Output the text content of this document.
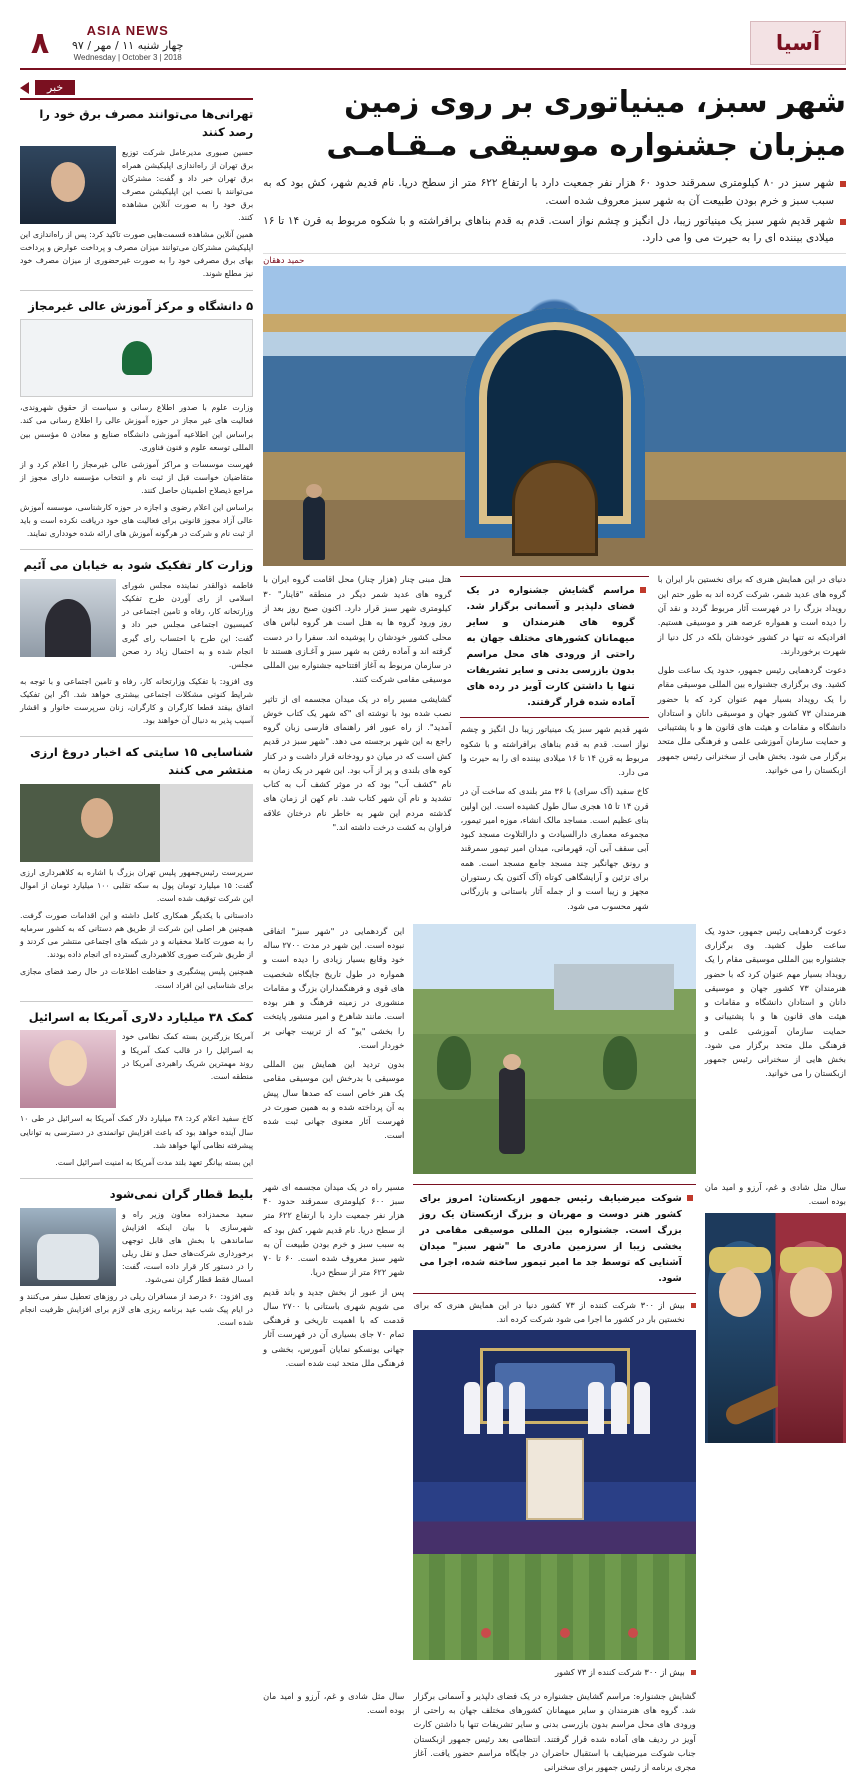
آسیا
ASIA NEWS
چهار شنبه ۱۱ / مهر / ۹۷
Wednesday | October 3 | 2018
۸
شهر سبز، مینیاتوری بر روی زمین
میزبان جشنواره موسیقی مـقـامـی
شهر سبز در ۸۰ کیلومتری سمرقند حدود ۶۰ هزار نفر جمعیت دارد با ارتفاع ۶۲۲ متر از سطح دریا. نام قدیم شهر، کش بود که به سبب سبز و خرم بودن طبیعت آن به شهر سبز معروف شده است.
شهر قدیم شهر سبز یک مینیاتور زیبا، دل انگیز و چشم نواز است. قدم به قدم بناهای برافراشته و با شکوه مربوط به قرن ۱۴ تا ۱۶ میلادی بیننده ای را به حیرت می وا می دارد.
حمید دهقان

دنیای در این همایش هنری که برای نخستین بار ایران با گروه های عدید شمر، شرکت کرده اند به طور حتم این رویداد بزرگ را در فهرست آثار مربوط گردد و نقد آن را دیده است و همواره عرصه هنر و موسیقی هستیم. افرادیکه نه تنها در کشور خودشان بلکه در کل دنیا از شهرت برخوردارند.

دعوت گردهمایی رئیس جمهور، حدود یک ساعت طول کشید. وی برگزاری جشنواره بین المللی موسیقی مقام را یک رویداد بسیار مهم عنوان کرد که با حضور هنرمندان ۷۳ کشور جهان و موسیقی دانان و استادان دانشگاه و مقامات و هیئت های قانون ها و با پشتیبانی و حمایت سازمان آموزشی علمی و فرهنگی ملل متحد برگزار می شود. بخش هایی از سخنرانی رئیس جمهور ازبکستان را می خوانید.

مراسم گشایش جشنواره در یک فضای دلپذیر و آسمانی برگزار شد. گروه های هنرمندان و سایر میهمانان کشورهای مختلف جهان به راحتی از ورودی های محل مراسم بدون بازرسی بدنی و سایر تشریفات تنها با داشتن کارت آویز در رده های آماده شده قرار گرفتند.

شهر قدیم شهر سبز یک مینیاتور زیبا دل انگیز و چشم نواز است. قدم به قدم بناهای برافراشته و با شکوه مربوط به قرن ۱۴ تا ۱۶ میلادی بیننده ای را به حیرت وا می دارد.

کاخ سفید (آک سرای) با ۳۶ متر بلندی که ساخت آن در قرن ۱۴ تا ۱۵ هجری سال طول کشیده است. این اولین بنای عظیم است. مساجد مالک انشاء، موزه امیر تیمور، مجموعه معماری دارالسیادت و دارالتلاوت مسجد کبود آبی سقف آبی آن، قهرمانی، میدان امیر تیمور سمرقند و رونق جهانگیر چند مسجد جامع مسجد است. همه برای تزئین و آرایشگاهی کوتاه (آک آکنون یک رستوران مجهز و زیبا است و از جمله آثار باستانی و بازرگانی شهر محسوب می شود.

هتل مبنی چنار (هزار چنار) محل اقامت گروه ایران با گروه های عدید شمر دیگر در منطقه "قاینار" ۳۰ کیلومتری شهر سبز قرار دارد. اکنون صبح روز بعد از روز ورود گروه ها به هتل است هر گروه لباس های محلی کشور خودشان را پوشیده اند. سفرا را در دست گرفته اند و آماده رفتن به شهر سبز و آغـازی هستند تا در سازمان مربوط به آغاز افتتاحیه جشنواره بین المللی موسیقی مقامی شرکت کنند.

گشایشی مسیر راه در یک میدان مجسمه ای از تاثیر نصب شده بود با نوشته ای "که شهر یک کتاب خوش آمدید". از راه عبور افر راهنمای فارسی زبان گروه راجع به این شهر برجسته می دهد. "شهر سبز در قدیم کش است که در میان دو رودخانه قرار داشت و در کنار کوه های بلندی و پر از آب بود. این شهر در یک زمان به نام "کشف آب" بود که در موثر کشف آب به کتاب تشدید و نام آن شهر کتاب شد. نام کهن از زمان های گذشته مردم این شهر به خاطر نام درختان علاقه فراوان به کشت درخت داشته اند."

دعوت گردهمایی رئیس جمهور، حدود یک ساعت طول کشید. وی برگزاری جشنواره بین المللی موسیقی مقام را یک رویداد بسیار مهم عنوان کرد که با حضور هنرمندان ۷۳ کشور جهان و موسیقی دانان و استادان دانشگاه و مقامات و هیئت های قانون ها و با پشتیبانی و حمایت سازمان آموزشی علمی و فرهنگی ملل متحد برگزار می شود. بخش هایی از سخنرانی رئیس جمهور ازبکستان را می خوانید.

این گردهمایی در "شهر سبز" اتفاقی نبوده است. این شهر در مدت ۲۷۰۰ ساله خود وقایع بسیار زیادی را دیده است و همواره در طول تاریخ جایگاه شخصیت های قوی و فرهنگمداران بزرگ و مقامات منشوری در زمینه فرهنگ و هنر بوده است. مانند شاهرخ و امیر منشور پایتخت را بخشی "یو" که از تربیت جهانی بر خوردار است.

بدون تردید این همایش بین المللی موسیقی با بدرخش این موسیقی مقامی یک هنر خاص است که صدها سال پیش به آن پرداخته شده و به همین صورت در فهرست آثار معنوی جهانی ثبت شده است.

سال مثل شادی و غم، آرزو و امید مان بوده است.

شوکت میرضیایف رئیس جمهور ازبکستان: امروز برای کشور هنر دوست و مهربان و بزرگ ازبکستان یک روز بزرگ است. جشنواره بین المللی موسیقی مقامی در بخشی زیبا از سرزمین مادری ما "شهر سبز" میدان آشنایی که توسط جد ما امیر تیمور ساخته شده، اجرا می شود.
بیش از ۳۰۰ شرکت کننده از ۷۳ کشور دنیا در این همایش هنری که برای نخستین بار در کشور ما اجرا می شود شرکت کرده اند.
بیش از ۳۰۰ شرکت کننده از ۷۳ کشور

مسیر راه در یک میدان مجسمه ای شهر سبز ۶۰۰ کیلومتری سمرقند حدود ۴۰ هزار نفر جمعیت دارد با ارتفاع ۶۲۲ متر از سطح دریا. نام قدیم شهر، کش بود که به سبب سبز و خرم بودن طبیعت آن به شهر سبز معروف شده است. ۶۰ تا ۷۰ شهر ۶۲۲ متر از سطح دریا.

پس از عبور از بخش جدید و باند قدیم می شویم شهری باستانی با ۲۷۰۰ سال قدمت که با اهمیت تاریخی و فرهنگی تمام ۷۰ جای بسیاری آن در فهرست آثار جهانی یونسکو نمایان آمورس، بخشی و فرهنگی ملل متحد ثبت شده است.

گشایش جشنواره: مراسم گشایش جشنواره در یک فضای دلپذیر و آسمانی برگزار شد. گروه های هنرمندان و سایر میهمانان کشورهای مختلف جهان به راحتی از ورودی های محل مراسم بدون بازرسی بدنی و سایر تشریفات تنها با داشتن کارت آویز در ردیف های آماده شده قرار گرفتند. انتظامی بعد رئیس جمهور ازبکستان جناب شوکت میرضیایف با استقبال حاضران در جایگاه مراسم حضور یافت. آغاز مجری برنامه از رئیس جمهور برای سخنرانی

سال مثل شادی و غم، آرزو و امید مان بوده است.

خبر
تهرانی‌ها می‌توانند مصرف برق خود را رصد کنند

حسین صبوری مدیرعامل شرکت توزیع برق تهران از راه‌اندازی اپلیکیشن همراه برق تهران خبر داد و گفت: مشترکان می‌توانند با نصب این اپلیکیشن مصرف برق خود را به صورت آنلاین مشاهده کنند.

همین آنلاین مشاهده قسمت‌هایی صورت تاکید کرد: پس از راه‌اندازی این اپلیکیشن مشترکان می‌توانند میزان مصرف و پرداخت عوارض و پرداخت بهای برق مصرفی خود را به صورت غیرحضوری از میزان مصرف خود نیز مطلع شوند.

۵ دانشگاه و مرکز آموزش عالی غیرمجاز

وزارت علوم با صدور اطلاع رسانی و سیاست از حقوق شهروندی، فعالیت های غیر مجاز در حوزه آموزش عالی را اطلاع رسانی می کند. براساس این اطلاعیه آموزشی دانشگاه صنایع و معادن ۵ مؤسس بین المللی توسعه علوم و فنون فناوری.

فهرست موسسات و مراکز آموزشی عالی غیرمجاز را اعلام کرد و از متقاضیان خواست قبل از ثبت نام و انتخاب مؤسسه دارای مجوز از مراجع ذیصلاح اطمینان حاصل کنند.

براساس این اعلام رضوی و اجازه در حوزه کارشناسی، موسسه آموزش عالی آزاد مجوز قانونی برای فعالیت های خود دریافت نکرده است و باید از ثبت نام و شرکت در هرگونه آموزش های ارائه شده خودداری نمایند.

وزارت کار تفکیک شود به خیابان می آئیم

فاطمه ذوالقدر نماینده مجلس شورای اسلامی از رای آوردن طرح تفکیک وزارتخانه کار، رفاه و تامین اجتماعی در کمیسیون اجتماعی مجلس خبر داد و گفت: این طرح با احتساب رای گیری انجام شده و به احتمال زیاد رد صحن مجلس.

وی افزود: با تفکیک وزارتخانه کار، رفاه و تامین اجتماعی و با توجه به شرایط کنونی مشکلات اجتماعی بیشتری خواهد شد. اگر این تفکیک اتفاق بیفتد قطعا کارگران و کارگران، زنان سرپرست خانوار و اقشار آسیب پذیر به دنبال آن خواهند بود.

شناسایی ۱۵ سایتی که اخبار دروغ ارزی منتشر می کنند

سرپرست رئیس‌جمهور پلیس تهران بزرگ با اشاره به کلاهبرداری ارزی گفت: ۱۵ میلیارد تومان پول به سکه تقلبی ۱۰۰ میلیارد تومان از اموال این شرکت توقیف شده است.

دادستانی با یکدیگر همکاری کامل داشته و این اقدامات صورت گرفت. همچنین هر اصلی این شرکت از طریق هم دستانی که به کشور سرمایه را به صورت کاملا مخفیانه و در شبکه های اجتماعی منتشر می کردند و از طریق شرکت صوری کلاهبرداری گسترده ای انجام داده بودند.

همچنین پلیس پیشگیری و حفاظت اطلاعات در حال رصد فضای مجازی برای شناسایی این افراد است.

کمک ۳۸ میلیارد دلاری آمریکا به اسرائیل

آمریکا بزرگترین بسته کمک نظامی خود به اسرائیل را در قالب کمک آمریکا و روند مهمترین شریک راهبردی آمریکا در منطقه است.

کاخ سفید اعلام کرد: ۳۸ میلیارد دلار کمک آمریکا به اسرائیل در طی ۱۰ سال آینده خواهد بود که باعث افزایش توانمندی در دسترسی به توانایی پیشرفته نظامی آنها خواهد شد.

این بسته بیانگر تعهد بلند مدت آمریکا به امنیت اسرائیل است.

بلیط قطار گران نمی‌شود

سعید محمدزاده معاون وزیر راه و شهرسازی با بیان اینکه افزایش ساماندهی با بخش های قابل توجهی برخورداری شرکت‌های حمل و نقل ریلی را در دستور کار قرار داده است، گفت: امسال فقط قطار گران نمی‌شود.

وی افزود: ۶۰ درصد از مسافران ریلی در روزهای تعطیل سفر می‌کنند و در ایام پیک شب عید برنامه ریزی های لازم برای افزایش ظرفیت انجام شده است.
